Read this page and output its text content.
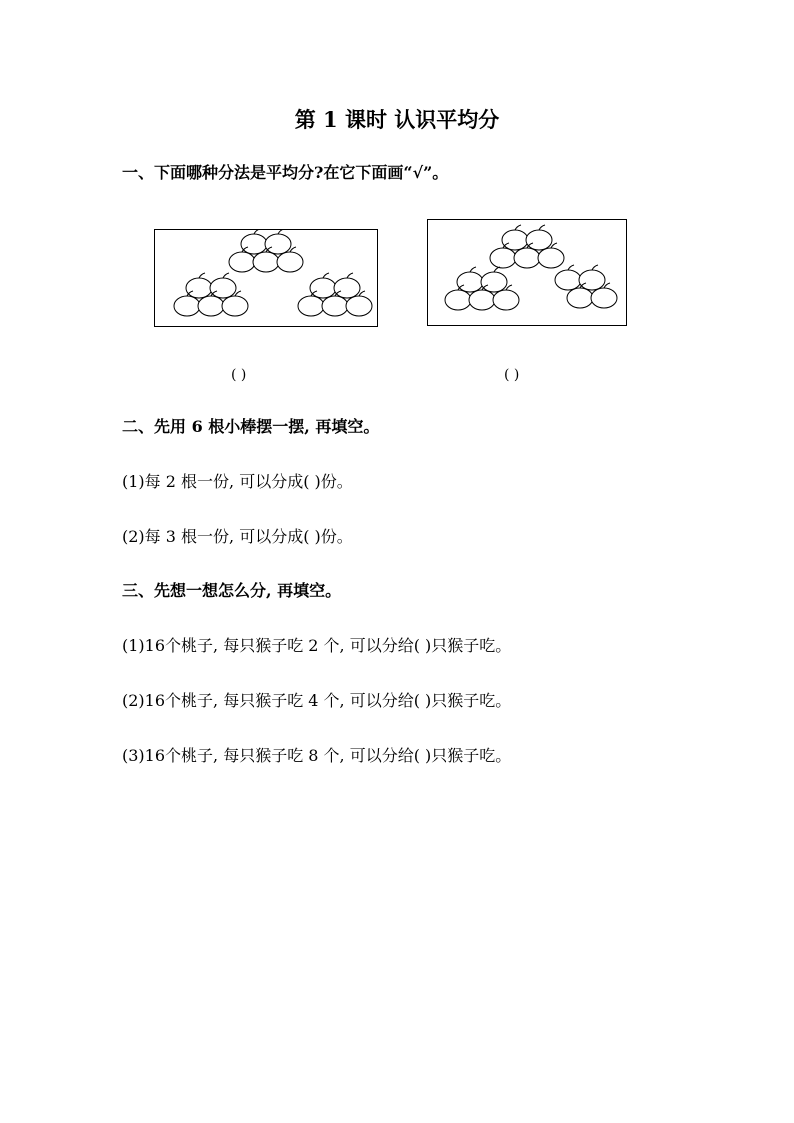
第 1 课时 认识平均分
一、下面哪种分法是平均分?在它下面画“√”。
( )	( )
二、先用 6 根小棒摆一摆, 再填空。
(1)每 2 根一份, 可以分成( )份。
(2)每 3 根一份, 可以分成( )份。
三、先想一想怎么分, 再填空。
(1)16个桃子, 每只猴子吃 2 个, 可以分给( )只猴子吃。
(2)16个桃子, 每只猴子吃 4 个, 可以分给( )只猴子吃。
(3)16个桃子, 每只猴子吃 8 个, 可以分给( )只猴子吃。
